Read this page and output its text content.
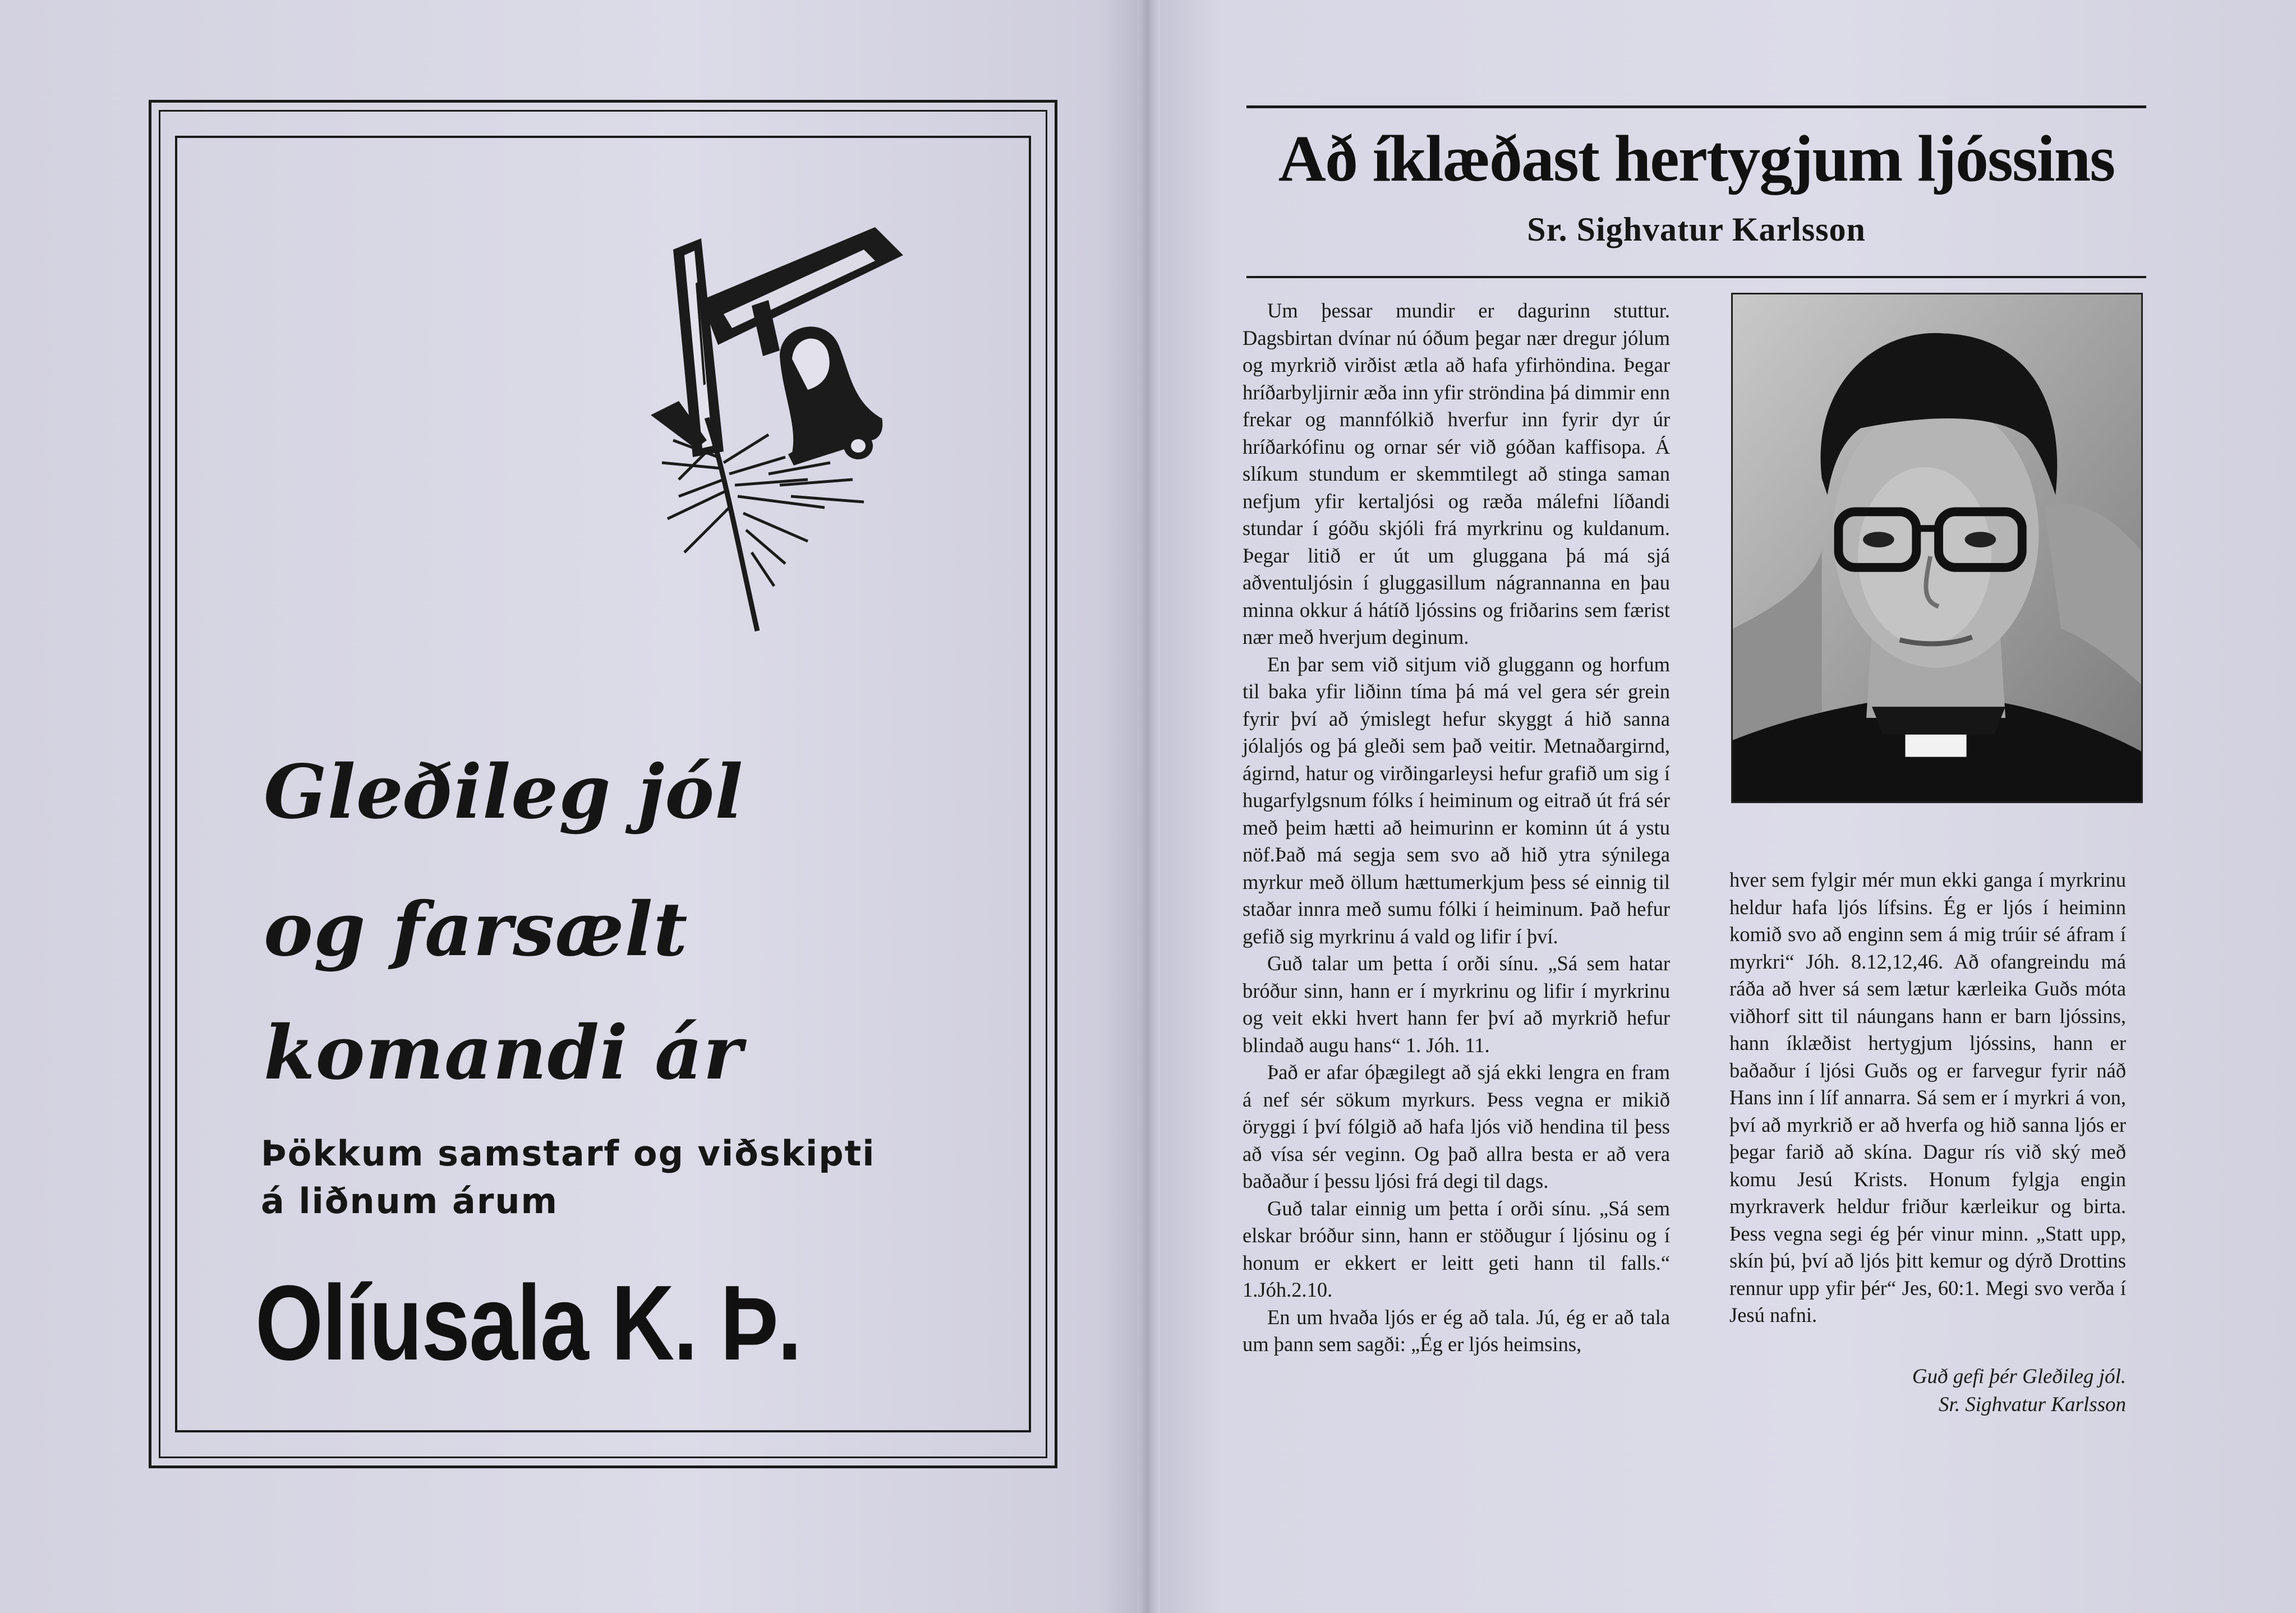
Gleðileg jól
og farsælt
komandi ár
Þökkum samstarf og viðskipti
á liðnum árum
Olíusala K. Þ.
Að íklæðast hertygjum ljóssins
Sr. Sighvatur Karlsson

Um þessar mundir er dagurinn stuttur. Dagsbirtan dvínar nú óðum þegar nær dregur jólum og myrkrið virðist ætla að hafa yfirhöndina. Þegar hríðarbyljirnir æða inn yfir ströndina þá dimmir enn frekar og mannfólkið hverfur inn fyrir dyr úr hríðarkófinu og ornar sér við góðan kaffisopa. Á slíkum stundum er skemmtilegt að stinga saman nefjum yfir kertaljósi og ræða málefni líðandi stundar í góðu skjóli frá myrkrinu og kuldanum. Þegar litið er út um gluggana þá má sjá aðventuljósin í gluggasillum nágrannanna en þau minna okkur á hátíð ljóssins og friðarins sem færist nær með hverjum deginum.

En þar sem við sitjum við gluggann og horfum til baka yfir liðinn tíma þá má vel gera sér grein fyrir því að ýmislegt hefur skyggt á hið sanna jólaljós og þá gleði sem það veitir. Metnaðargirnd, ágirnd, hatur og virðingarleysi hefur grafið um sig í hugarfylgsnum fólks í heiminum og eitrað út frá sér með þeim hætti að heimurinn er kominn út á ystu nöf.Það má segja sem svo að hið ytra sýnilega myrkur með öllum hættumerkjum þess sé einnig til staðar innra með sumu fólki í heiminum. Það hefur gefið sig myrkrinu á vald og lifir í því.

Guð talar um þetta í orði sínu. „Sá sem hatar bróður sinn, hann er í myrkrinu og lifir í myrkrinu og veit ekki hvert hann fer því að myrkrið hefur blindað augu hans“ 1. Jóh. 11.

Það er afar óþægilegt að sjá ekki lengra en fram á nef sér sökum myrkurs. Þess vegna er mikið öryggi í því fólgið að hafa ljós við hendina til þess að vísa sér veginn. Og það allra besta er að vera baðaður í þessu ljósi frá degi til dags.

Guð talar einnig um þetta í orði sínu. „Sá sem elskar bróður sinn, hann er stöðugur í ljósinu og í honum er ekkert er leitt geti hann til falls.“ 1.Jóh.2.10.

En um hvaða ljós er ég að tala. Jú, ég er að tala um þann sem sagði: „Ég er ljós heimsins,

hver sem fylgir mér mun ekki ganga í myrkrinu heldur hafa ljós lífsins. Ég er ljós í heiminn komið svo að enginn sem á mig trúir sé áfram í myrkri“ Jóh. 8.12,12,46. Að ofangreindu má ráða að hver sá sem lætur kærleika Guðs móta viðhorf sitt til náungans hann er barn ljóssins, hann íklæðist hertygjum ljóssins, hann er baðaður í ljósi Guðs og er farvegur fyrir náð Hans inn í líf annarra. Sá sem er í myrkri á von, því að myrkrið er að hverfa og hið sanna ljós er þegar farið að skína. Dagur rís við ský með komu Jesú Krists. Honum fylgja engin myrkraverk heldur friður kærleikur og birta. Þess vegna segi ég þér vinur minn. „Statt upp, skín þú, því að ljós þitt kemur og dýrð Drottins rennur upp yfir þér“ Jes, 60:1. Megi svo verða í Jesú nafni.

Guð gefi þér Gleðileg jól.
Sr. Sighvatur Karlsson
